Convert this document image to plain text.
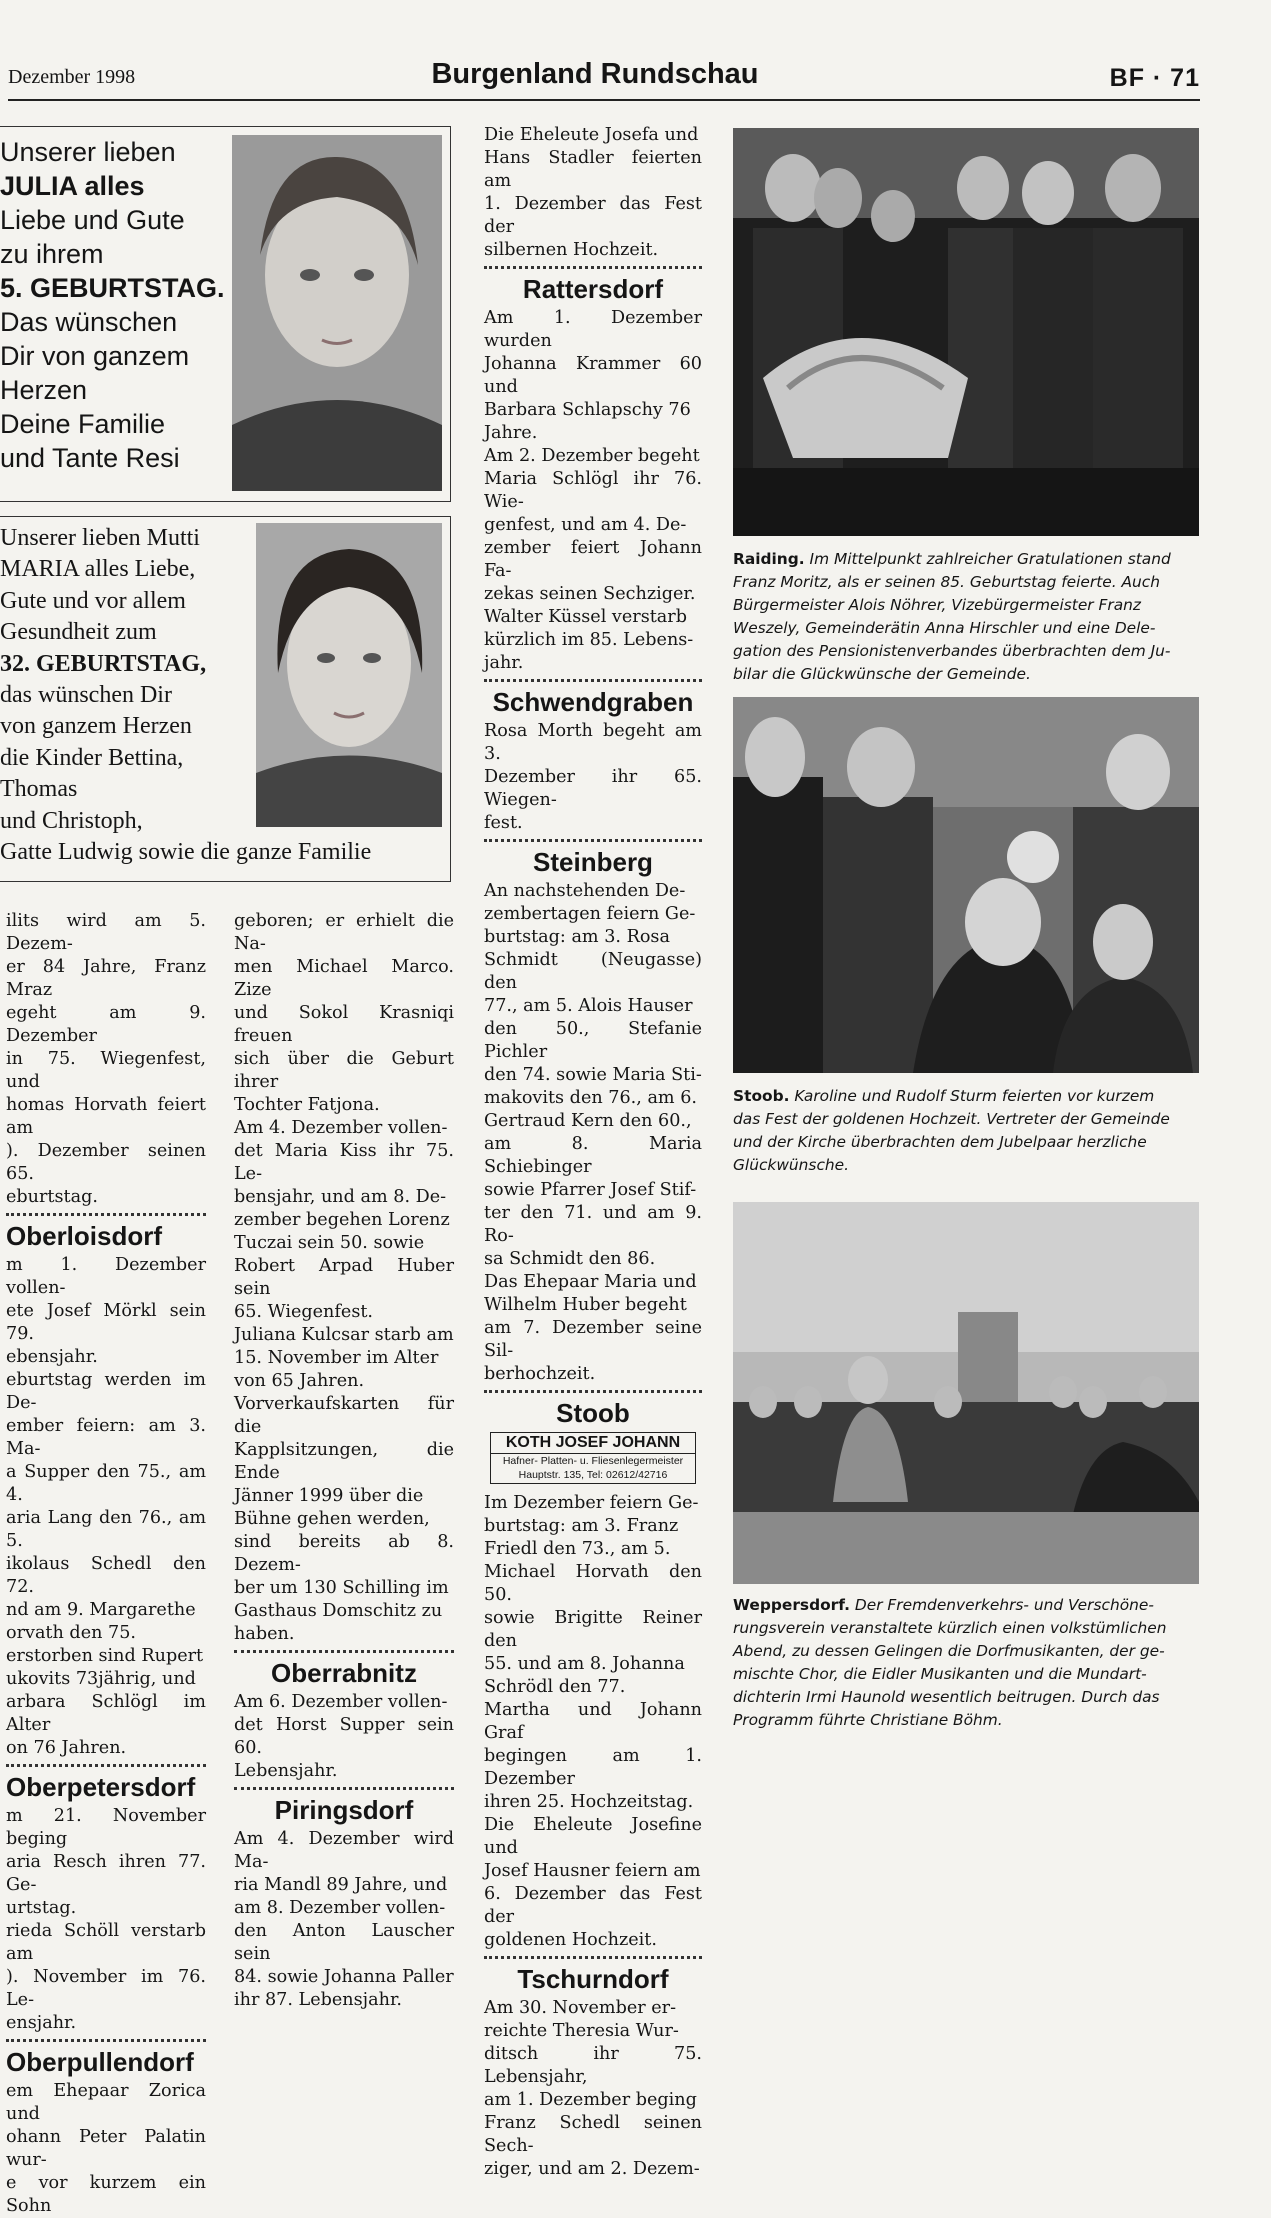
Dezember 1998	Burgenland Rundschau	BF · 71
Unserer lieben
JULIA alles
Liebe und Gute
zu ihrem
5. GEBURTSTAG.
Das wünschen
Dir von ganzem
Herzen
Deine Familie
und Tante Resi
Unserer lieben Mutti
MARIA alles Liebe,
Gute und vor allem
Gesundheit zum
32. GEBURTSTAG,
das wünschen Dir
von ganzem Herzen
die Kinder Bettina,
Thomas
und Christoph,
Gatte Ludwig sowie die ganze Familie

ilits wird am 5. Dezem-

er 84 Jahre, Franz Mraz

egeht am 9. Dezember

in 75. Wiegenfest, und

homas Horvath feiert am

). Dezember seinen 65.

eburtstag.

Oberloisdorf

m 1. Dezember vollen-

ete Josef Mörkl sein 79.

ebensjahr.

eburtstag werden im De-

ember feiern: am 3. Ma-

a Supper den 75., am 4.

aria Lang den 76., am 5.

ikolaus Schedl den 72.

nd am 9. Margarethe

orvath den 75.

erstorben sind Rupert

ukovits 73jährig, und

arbara Schlögl im Alter

on 76 Jahren.

Oberpetersdorf

m 21. November beging

aria Resch ihren 77. Ge-

urtstag.

rieda Schöll verstarb am

). November im 76. Le-

ensjahr.

Oberpullendorf

em Ehepaar Zorica und

ohann Peter Palatin wur-

e vor kurzem ein Sohn

geboren; er erhielt die Na-

men Michael Marco. Zize

und Sokol Krasniqi freuen

sich über die Geburt ihrer

Tochter Fatjona.

Am 4. Dezember vollen-

det Maria Kiss ihr 75. Le-

bensjahr, und am 8. De-

zember begehen Lorenz

Tuczai sein 50. sowie

Robert Arpad Huber sein

65. Wiegenfest.

Juliana Kulcsar starb am

15. November im Alter

von 65 Jahren.

Vorverkaufskarten für die

Kapplsitzungen, die Ende

Jänner 1999 über die

Bühne gehen werden,

sind bereits ab 8. Dezem-

ber um 130 Schilling im

Gasthaus Domschitz zu

haben.

Oberrabnitz

Am 6. Dezember vollen-

det Horst Supper sein 60.

Lebensjahr.

Piringsdorf

Am 4. Dezember wird Ma-

ria Mandl 89 Jahre, und

am 8. Dezember vollen-

den Anton Lauscher sein

84. sowie Johanna Paller

ihr 87. Lebensjahr.

Die Eheleute Josefa und

Hans Stadler feierten am

1. Dezember das Fest der

silbernen Hochzeit.

Rattersdorf

Am 1. Dezember wurden

Johanna Krammer 60 und

Barbara Schlapschy 76

Jahre.

Am 2. Dezember begeht

Maria Schlögl ihr 76. Wie-

genfest, und am 4. De-

zember feiert Johann Fa-

zekas seinen Sechziger.

Walter Küssel verstarb

kürzlich im 85. Lebens-

jahr.

Schwendgraben

Rosa Morth begeht am 3.

Dezember ihr 65. Wiegen-

fest.

Steinberg

An nachstehenden De-

zembertagen feiern Ge-

burtstag: am 3. Rosa

Schmidt (Neugasse) den

77., am 5. Alois Hauser

den 50., Stefanie Pichler

den 74. sowie Maria Sti-

makovits den 76., am 6.

Gertraud Kern den 60.,

am 8. Maria Schiebinger

sowie Pfarrer Josef Stif-

ter den 71. und am 9. Ro-

sa Schmidt den 86.

Das Ehepaar Maria und

Wilhelm Huber begeht

am 7. Dezember seine Sil-

berhochzeit.

Stoob
KOTH JOSEF JOHANN
Hafner- Platten- u. Fliesenlegermeister
Hauptstr. 135, Tel: 02612/42716

Im Dezember feiern Ge-

burtstag: am 3. Franz

Friedl den 73., am 5.

Michael Horvath den 50.

sowie Brigitte Reiner den

55. und am 8. Johanna

Schrödl den 77.

Martha und Johann Graf

begingen am 1. Dezember

ihren 25. Hochzeitstag.

Die Eheleute Josefine und

Josef Hausner feiern am

6. Dezember das Fest der

goldenen Hochzeit.

Tschurndorf

Am 30. November er-

reichte Theresia Wur-

ditsch ihr 75. Lebensjahr,

am 1. Dezember beging

Franz Schedl seinen Sech-

ziger, und am 2. Dezem-

Raiding. Im Mittelpunkt zahlreicher Gratulationen stand
Franz Moritz, als er seinen 85. Geburtstag feierte. Auch
Bürgermeister Alois Nöhrer, Vizebürgermeister Franz
Weszely, Gemeinderätin Anna Hirschler und eine Dele-
gation des Pensionistenverbandes überbrachten dem Ju-
bilar die Glückwünsche der Gemeinde.
Stoob. Karoline und Rudolf Sturm feierten vor kurzem
das Fest der goldenen Hochzeit. Vertreter der Gemeinde
und der Kirche überbrachten dem Jubelpaar herzliche
Glückwünsche.
Weppersdorf. Der Fremdenverkehrs- und Verschöne-
rungsverein veranstaltete kürzlich einen volkstümlichen
Abend, zu dessen Gelingen die Dorfmusikanten, der ge-
mischte Chor, die Eidler Musikanten und die Mundart-
dichterin Irmi Haunold wesentlich beitrugen. Durch das
Programm führte Christiane Böhm.
